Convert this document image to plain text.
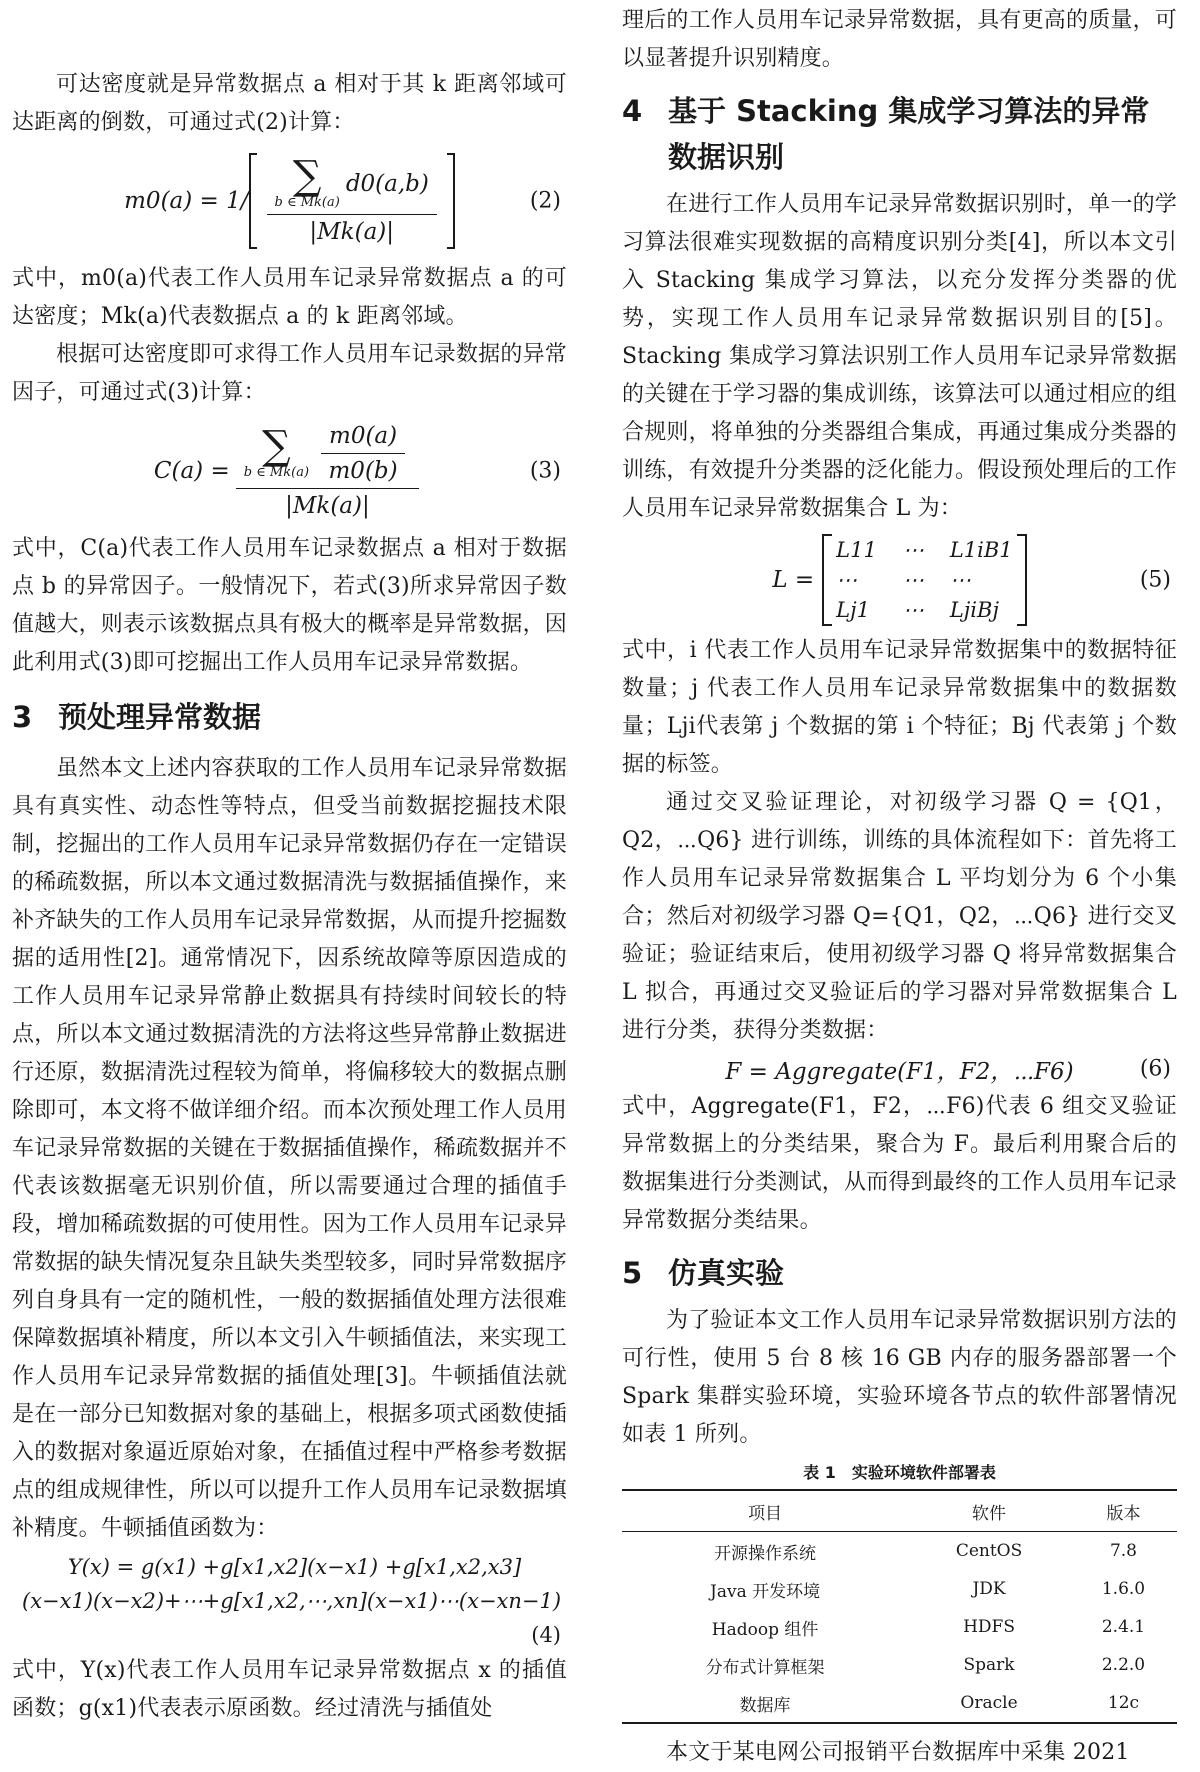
可达密度就是异常数据点 a 相对于其 k 距离邻域可达距离的倒数，可通过式(2)计算：

m0(a) = 1/ ∑
b ∈ Mk(a)
d0(a,b)
|Mk(a)|	(2)

式中，m0(a)代表工作人员用车记录异常数据点 a 的可达密度；Mk(a)代表数据点 a 的 k 距离邻域。

根据可达密度即可求得工作人员用车记录数据的异常因子，可通过式(3)计算：

C(a) =
∑
b ∈ $Mk(a) \frac{m0(a)}{m0(b)}$
|Mk(a)|
(3)

式中，C(a)代表工作人员用车记录数据点 a 相对于数据点 b 的异常因子。一般情况下，若式(3)所求异常因子数值越大，则表示该数据点具有极大的概率是异常数据，因此利用式(3)即可挖掘出工作人员用车记录异常数据。

3 预处理异常数据

虽然本文上述内容获取的工作人员用车记录异常数据具有真实性、动态性等特点，但受当前数据挖掘技术限制，挖掘出的工作人员用车记录异常数据仍存在一定错误的稀疏数据，所以本文通过数据清洗与数据插值操作，来补齐缺失的工作人员用车记录异常数据，从而提升挖掘数据的适用性[2]。通常情况下，因系统故障等原因造成的工作人员用车记录异常静止数据具有持续时间较长的特点，所以本文通过数据清洗的方法将这些异常静止数据进行还原，数据清洗过程较为简单，将偏移较大的数据点删除即可，本文将不做详细介绍。而本次预处理工作人员用车记录异常数据的关键在于数据插值操作，稀疏数据并不代表该数据毫无识别价值，所以需要通过合理的插值手段，增加稀疏数据的可使用性。因为工作人员用车记录异常数据的缺失情况复杂且缺失类型较多，同时异常数据序列自身具有一定的随机性，一般的数据插值处理方法很难保障数据填补精度，所以本文引入牛顿插值法，来实现工作人员用车记录异常数据的插值处理[3]。牛顿插值法就是在一部分已知数据对象的基础上，根据多项式函数使插入的数据对象逼近原始对象，在插值过程中严格参考数据点的组成规律性，所以可以提升工作人员用车记录数据填补精度。牛顿插值函数为：

Y(x) = g(x1) +g[x1,x2](x−x1) +g[x1,x2,x3]
(x−x1)(x−x2)+⋯+g[x1,x2,⋯,xn](x−x1)⋯(x−xn−1)
(4)

式中，Y(x)代表工作人员用车记录异常数据点 x 的插值函数；g(x1)代表表示原函数。经过清洗与插值处

理后的工作人员用车记录异常数据，具有更高的质量，可以显著提升识别精度。

4 基于 Stacking 集成学习算法的异常数据识别

在进行工作人员用车记录异常数据识别时，单一的学习算法很难实现数据的高精度识别分类[4]，所以本文引入 Stacking 集成学习算法，以充分发挥分类器的优势，实现工作人员用车记录异常数据识别目的[5]。Stacking 集成学习算法识别工作人员用车记录异常数据的关键在于学习器的集成训练，该算法可以通过相应的组合规则，将单独的分类器组合集成，再通过集成分类器的训练，有效提升分类器的泛化能力。假设预处理后的工作人员用车记录异常数据集合 L 为：

L =
L11 ⋯ L1iB1
⋯	⋯ ⋯
Lj1	⋯ LjiBj
(5)

式中，i 代表工作人员用车记录异常数据集中的数据特征数量；j 代表工作人员用车记录异常数据集中的数据数量；Lji代表第 j 个数据的第 i 个特征；Bj 代表第 j 个数据的标签。

通过交叉验证理论，对初级学习器 Q = {Q1，Q2，⋯Q6} 进行训练，训练的具体流程如下：首先将工作人员用车记录异常数据集合 L 平均划分为 6 个小集合；然后对初级学习器 Q={Q1，Q2，⋯Q6} 进行交叉验证；验证结束后，使用初级学习器 Q 将异常数据集合 L 拟合，再通过交叉验证后的学习器对异常数据集合 L 进行分类，获得分类数据：

F = Aggregate(F1，F2，⋯F6)	(6)

式中，Aggregate(F1，F2，⋯F6)代表 6 组交叉验证异常数据上的分类结果，聚合为 F。最后利用聚合后的数据集进行分类测试，从而得到最终的工作人员用车记录异常数据分类结果。

5 仿真实验

为了验证本文工作人员用车记录异常数据识别方法的可行性，使用 5 台 8 核 16 GB 内存的服务器部署一个 Spark 集群实验环境，实验环境各节点的软件部署情况如表 1 所列。

表 1　实验环境软件部署表
项目	软件	版本
开源操作系统	CentOS	7.8
Java 开发环境	JDK	1.6.0
Hadoop 组件	HDFS	2.4.1
分布式计算框架	Spark	2.2.0
数据库	Oracle	12c

本文于某电网公司报销平台数据库中采集 2021
